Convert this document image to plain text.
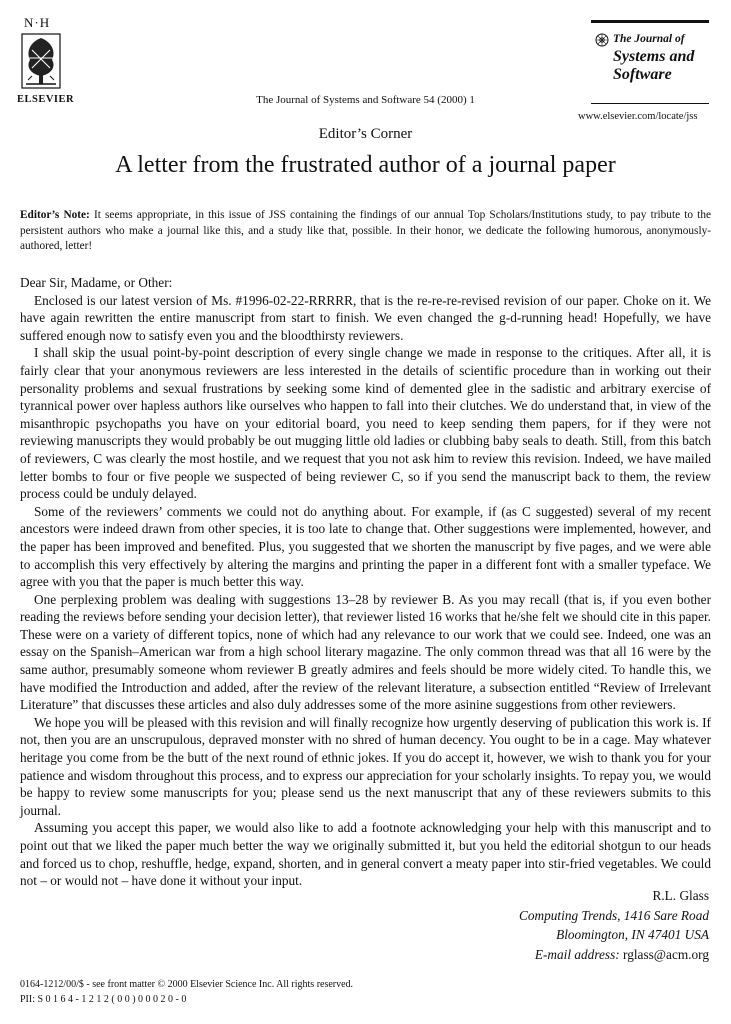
N·H
ELSEVIER	The Journal of Systems and Software 54 (2000) 1
The Journal of
Systems and
Software
www.elsevier.com/locate/jss
Editor’s Corner
A letter from the frustrated author of a journal paper
Editor’s Note: It seems appropriate, in this issue of JSS containing the findings of our annual Top Scholars/Institutions study, to pay tribute to the persistent authors who make a journal like this, and a study like that, possible. In their honor, we dedicate the following humorous, anonymously-authored, letter!
Dear Sir, Madame, or Other:

Enclosed is our latest version of Ms. #1996-02-22-RRRRR, that is the re-re-re-revised revision of our paper. Choke on it. We have again rewritten the entire manuscript from start to finish. We even changed the g-d-running head! Hopefully, we have suffered enough now to satisfy even you and the bloodthirsty reviewers.

I shall skip the usual point-by-point description of every single change we made in response to the critiques. After all, it is fairly clear that your anonymous reviewers are less interested in the details of scientific procedure than in working out their personality problems and sexual frustrations by seeking some kind of demented glee in the sadistic and arbitrary exercise of tyrannical power over hapless authors like ourselves who happen to fall into their clutches. We do understand that, in view of the misanthropic psychopaths you have on your editorial board, you need to keep sending them papers, for if they were not reviewing manuscripts they would probably be out mugging little old ladies or clubbing baby seals to death. Still, from this batch of reviewers, C was clearly the most hostile, and we request that you not ask him to review this revision. Indeed, we have mailed letter bombs to four or five people we suspected of being reviewer C, so if you send the manuscript back to them, the review process could be unduly delayed.

Some of the reviewers’ comments we could not do anything about. For example, if (as C suggested) several of my recent ancestors were indeed drawn from other species, it is too late to change that. Other suggestions were implemented, however, and the paper has been improved and benefited. Plus, you suggested that we shorten the manuscript by five pages, and we were able to accomplish this very effectively by altering the margins and printing the paper in a different font with a smaller typeface. We agree with you that the paper is much better this way.

One perplexing problem was dealing with suggestions 13–28 by reviewer B. As you may recall (that is, if you even bother reading the reviews before sending your decision letter), that reviewer listed 16 works that he/she felt we should cite in this paper. These were on a variety of different topics, none of which had any relevance to our work that we could see. Indeed, one was an essay on the Spanish–American war from a high school literary magazine. The only common thread was that all 16 were by the same author, presumably someone whom reviewer B greatly admires and feels should be more widely cited. To handle this, we have modified the Introduction and added, after the review of the relevant literature, a subsection entitled “Review of Irrelevant Literature” that discusses these articles and also duly addresses some of the more asinine suggestions from other reviewers.

We hope you will be pleased with this revision and will finally recognize how urgently deserving of publication this work is. If not, then you are an unscrupulous, depraved monster with no shred of human decency. You ought to be in a cage. May whatever heritage you come from be the butt of the next round of ethnic jokes. If you do accept it, however, we wish to thank you for your patience and wisdom throughout this process, and to express our appreciation for your scholarly insights. To repay you, we would be happy to review some manuscripts for you; please send us the next manuscript that any of these reviewers submits to this journal.

Assuming you accept this paper, we would also like to add a footnote acknowledging your help with this manuscript and to point out that we liked the paper much better the way we originally submitted it, but you held the editorial shotgun to our heads and forced us to chop, reshuffle, hedge, expand, shorten, and in general convert a meaty paper into stir-fried vegetables. We could not – or would not – have done it without your input.

R.L. Glass
Computing Trends, 1416 Sare Road
Bloomington, IN 47401 USA
E-mail address: rglass@acm.org
0164-1212/00/$ - see front matter © 2000 Elsevier Science Inc. All rights reserved.
PII: S 0 1 6 4 - 1 2 1 2 ( 0 0 ) 0 0 0 2 0 - 0
